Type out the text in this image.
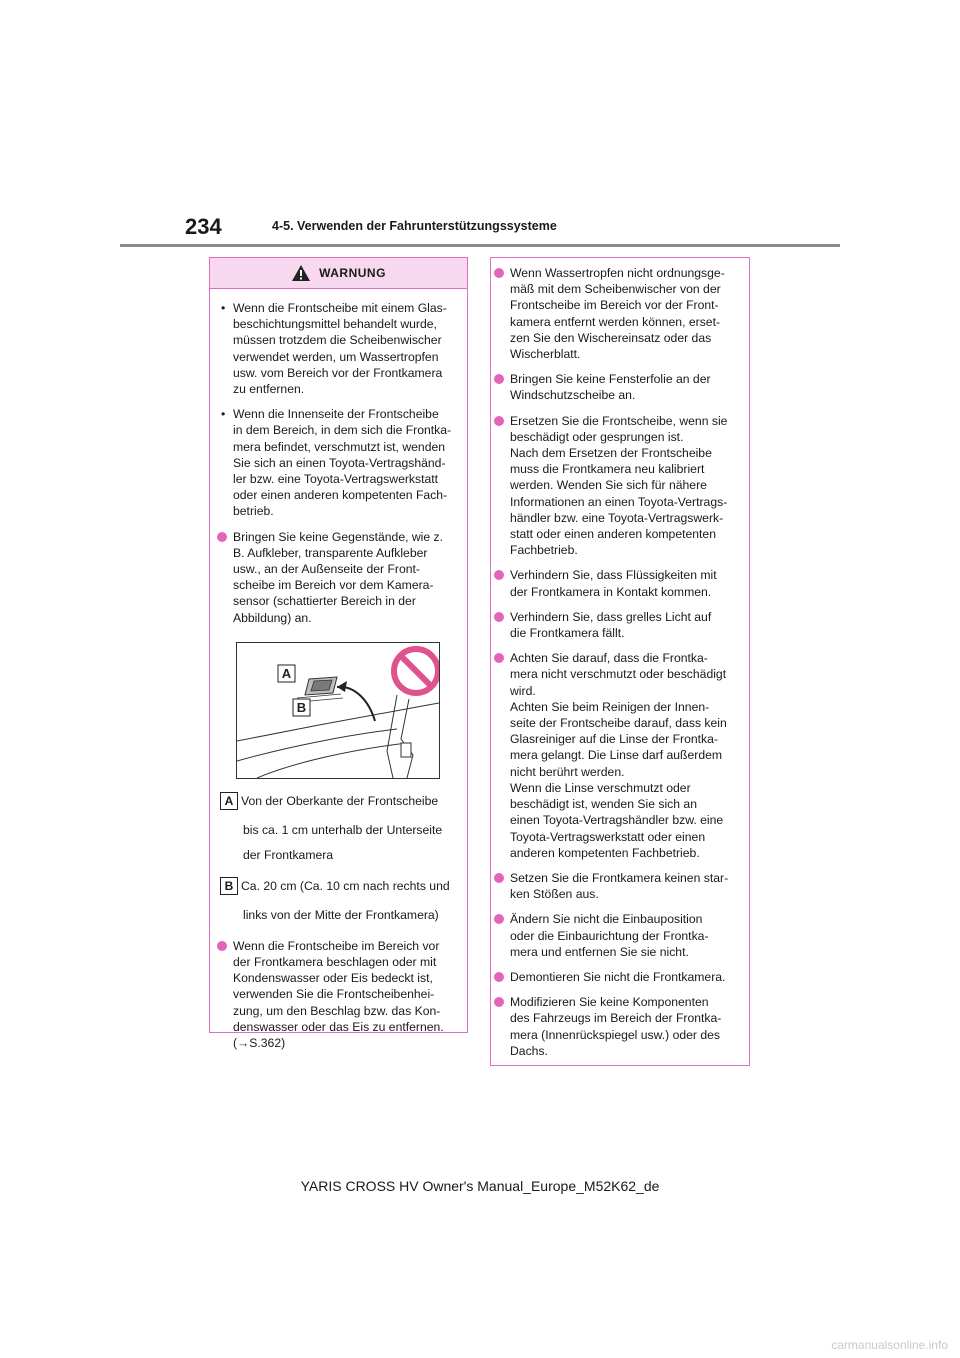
234	4-5. Verwenden der Fahrunterstützungssysteme
WARNUNG
• Wenn die Frontscheibe mit einem Glas-
beschichtungsmittel behandelt wurde,
müssen trotzdem die Scheibenwischer
verwendet werden, um Wassertropfen
usw. vom Bereich vor der Frontkamera
zu entfernen.
• Wenn die Innenseite der Frontscheibe
in dem Bereich, in dem sich die Frontka-
mera befindet, verschmutzt ist, wenden
Sie sich an einen Toyota-Vertragshänd-
ler bzw. eine Toyota-Vertragswerkstatt
oder einen anderen kompetenten Fach-
betrieb.
Bringen Sie keine Gegenstände, wie z.
B. Aufkleber, transparente Aufkleber
usw., an der Außenseite der Front-
scheibe im Bereich vor dem Kamera-
sensor (schattierter Bereich in der
Abbildung) an.
A
B
A Von der Oberkante der Frontscheibe
bis ca. 1 cm unterhalb der Unterseite
der Frontkamera
B Ca. 20 cm (Ca. 10 cm nach rechts und
links von der Mitte der Frontkamera)
Wenn die Frontscheibe im Bereich vor
der Frontkamera beschlagen oder mit
Kondenswasser oder Eis bedeckt ist,
verwenden Sie die Frontscheibenhei-
zung, um den Beschlag bzw. das Kon-
denswasser oder das Eis zu entfernen.
(→S.362)
Wenn Wassertropfen nicht ordnungsge-
mäß mit dem Scheibenwischer von der
Frontscheibe im Bereich vor der Front-
kamera entfernt werden können, erset-
zen Sie den Wischereinsatz oder das
Wischerblatt.
Bringen Sie keine Fensterfolie an der
Windschutzscheibe an.
Ersetzen Sie die Frontscheibe, wenn sie
beschädigt oder gesprungen ist.
Nach dem Ersetzen der Frontscheibe
muss die Frontkamera neu kalibriert
werden. Wenden Sie sich für nähere
Informationen an einen Toyota-Vertrags-
händler bzw. eine Toyota-Vertragswerk-
statt oder einen anderen kompetenten
Fachbetrieb.
Verhindern Sie, dass Flüssigkeiten mit
der Frontkamera in Kontakt kommen.
Verhindern Sie, dass grelles Licht auf
die Frontkamera fällt.
Achten Sie darauf, dass die Frontka-
mera nicht verschmutzt oder beschädigt
wird.
Achten Sie beim Reinigen der Innen-
seite der Frontscheibe darauf, dass kein
Glasreiniger auf die Linse der Frontka-
mera gelangt. Die Linse darf außerdem
nicht berührt werden.
Wenn die Linse verschmutzt oder
beschädigt ist, wenden Sie sich an
einen Toyota-Vertragshändler bzw. eine
Toyota-Vertragswerkstatt oder einen
anderen kompetenten Fachbetrieb.
Setzen Sie die Frontkamera keinen star-
ken Stößen aus.
Ändern Sie nicht die Einbauposition
oder die Einbaurichtung der Frontka-
mera und entfernen Sie sie nicht.
Demontieren Sie nicht die Frontkamera.
Modifizieren Sie keine Komponenten
des Fahrzeugs im Bereich der Frontka-
mera (Innenrückspiegel usw.) oder des
Dachs.
YARIS CROSS HV Owner's Manual_Europe_M52K62_de
carmanualsonline.info
